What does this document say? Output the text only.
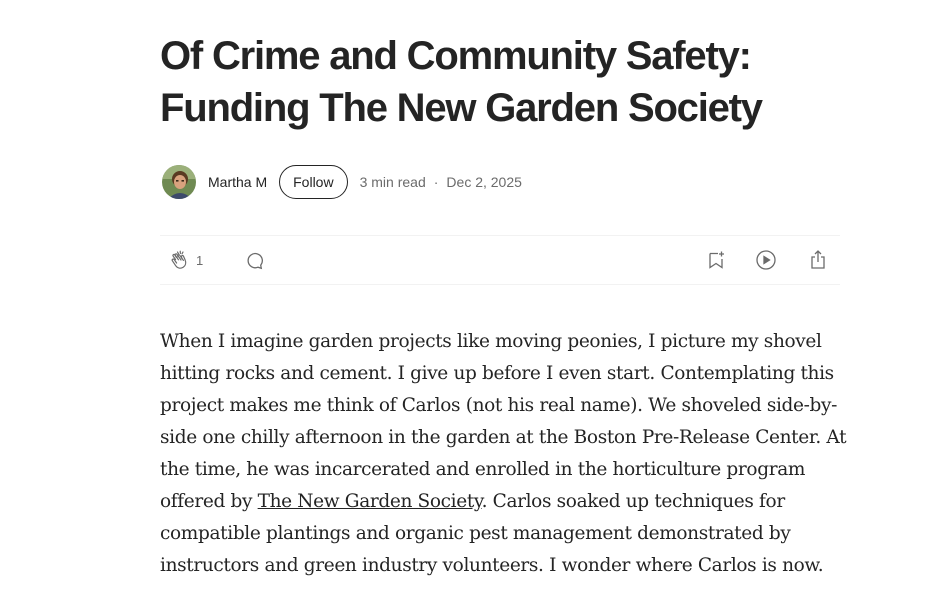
Of Crime and Community Safety:
Funding The New Garden Society
Martha M	Follow	3 min read · Dec 2, 2025
1

When I imagine garden projects like moving peonies, I picture my shovel
hitting rocks and cement. I give up before I even start. Contemplating this
project makes me think of Carlos (not his real name). We shoveled side-by-
side one chilly afternoon in the garden at the Boston Pre-Release Center. At
the time, he was incarcerated and enrolled in the horticulture program
offered by The New Garden Society. Carlos soaked up techniques for
compatible plantings and organic pest management demonstrated by
instructors and green industry volunteers. I wonder where Carlos is now.
